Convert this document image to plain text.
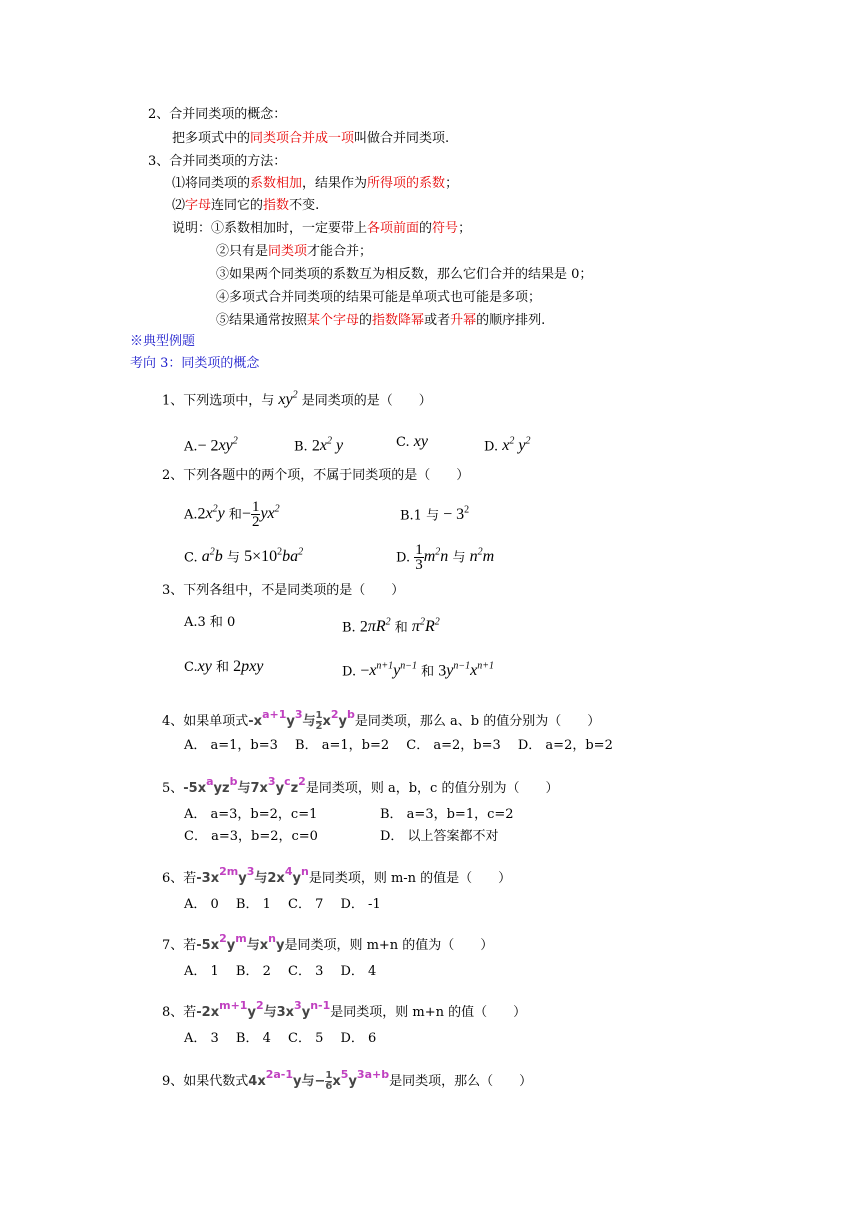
2、合并同类项的概念：
把多项式中的同类项合并成一项叫做合并同类项.
3、合并同类项的方法：
⑴将同类项的系数相加，结果作为所得项的系数；
⑵字母连同它的指数不变.
说明：①系数相加时，一定要带上各项前面的符号；
②只有是同类项才能合并；
③如果两个同类项的系数互为相反数，那么它们合并的结果是 0；
④多项式合并同类项的结果可能是单项式也可能是多项；
⑤结果通常按照某个字母的指数降幂或者升幂的顺序排列.
※典型例题
考向 3：同类项的概念
1、下列选项中，与 $xy^2$ 是同类项的是（　　）
$A.- 2xy^2$	B. $2x^2$ y	C. xy	D. $x^2$ $y^2$
2、下列各题中的两个项，不属于同类项的是（　　）
$A.2x^2y$ 和− $\frac{1}{2} yx^2$	B.1 与 − $3^2$
C. $a^2b$ 与 $5\times 10^2ba^2$	D. $\frac{1}{3} m^2n$ 与 $n^2m$
3、下列各组中，不是同类项的是（　　）
A.3 和 0	B. $2\pi R^2$ 和 $\pi^2R^2$
C.xy 和 2pxy	D. $-x^{n+1}y^{n-1}$ 和 $3y^{n-1}x^{n+1}$
4、如果单项式$-x^{a+1}y^3$与 $\frac{1}{2} x^2y^b$是同类项，那么 a、b 的值分别为（　　）
A． a=1，b=3　 B． a=1，b=2　 C． a=2，b=3　 D． a=2，b=2
5、$-5x^ayz^b$与$7x^3y^cz^2$是同类项，则 a，b，c 的值分别为（　　）
A． a=3，b=2，c=1	B． a=3，b=1，c=2
C． a=3，b=2，c=0	D． 以上答案都不对
6、若$-3x^{2m}y^3$与$2x^4y^n$是同类项，则 m-n 的值是（　　）
A． 0　 B． 1　 C． 7　 D． -1
7、若$-5x^2y^m$与$x^ny$是同类项，则 m+n 的值为（　　）
A． 1　 B． 2　 C． 3　 D． 4
8、若$-2x^{m+1}y^2$与$3x^3y^{n-1}$是同类项，则 m+n 的值（　　）
A． 3　 B． 4　 C． 5　 D． 6
9、如果代数式$4x^{2a-1}y$与− $\frac{1}{6} x^5y^{3a+b}$是同类项，那么（　　）
